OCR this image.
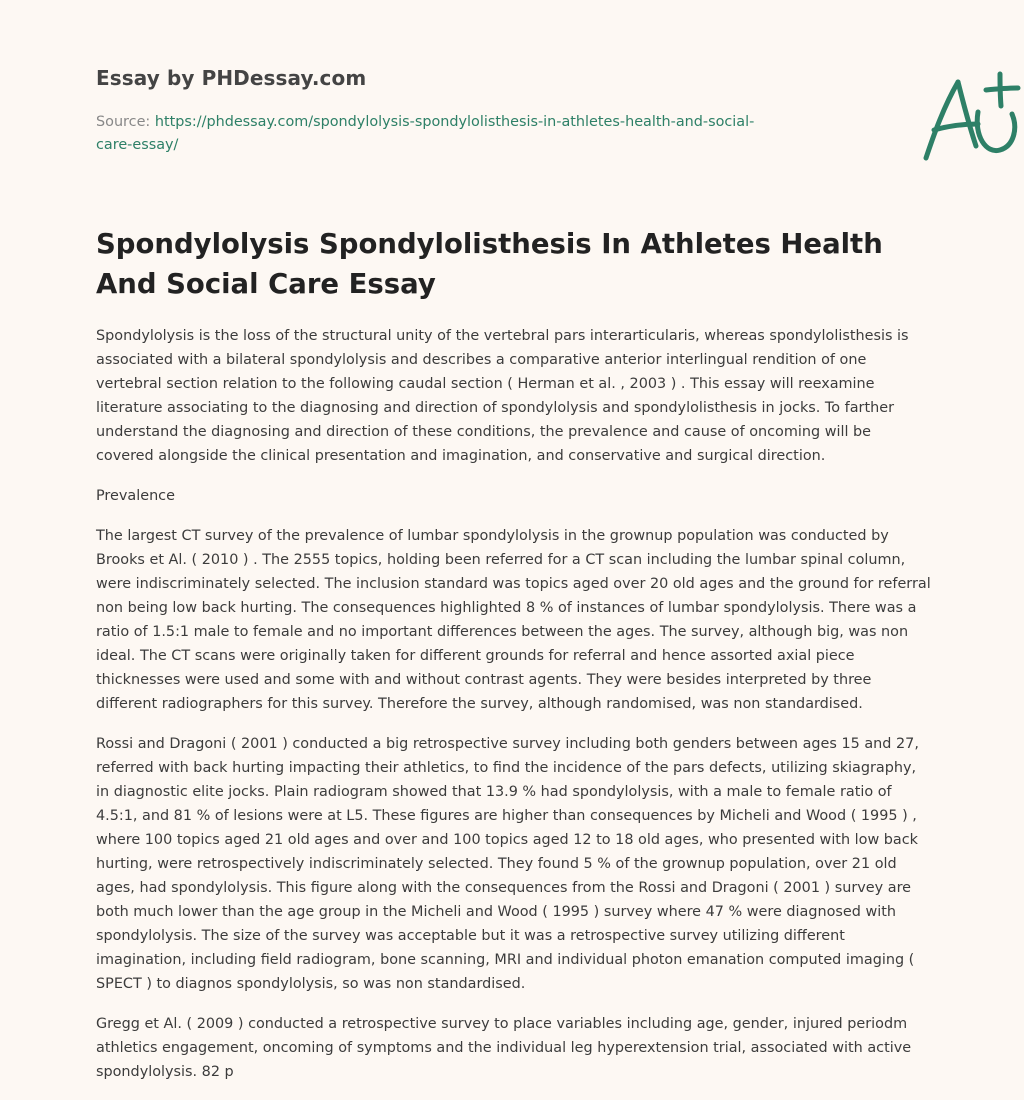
Essay by PHDessay.com
Source: https://phdessay.com/spondylolysis-spondylolisthesis-in-athletes-health-and-social-care-essay/
Spondylolysis Spondylolisthesis In Athletes Health And Social Care Essay

Spondylolysis is the loss of the structural unity of the vertebral pars interarticularis, whereas spondylolisthesis is associated with a bilateral spondylolysis and describes a comparative anterior interlingual rendition of one vertebral section relation to the following caudal section ( Herman et al. , 2003 ) . This essay will reexamine literature associating to the diagnosing and direction of spondylolysis and spondylolisthesis in jocks. To farther understand the diagnosing and direction of these conditions, the prevalence and cause of oncoming will be covered alongside the clinical presentation and imagination, and conservative and surgical direction.

Prevalence

The largest CT survey of the prevalence of lumbar spondylolysis in the grownup population was conducted by Brooks et Al. ( 2010 ) . The 2555 topics, holding been referred for a CT scan including the lumbar spinal column, were indiscriminately selected. The inclusion standard was topics aged over 20 old ages and the ground for referral non being low back hurting. The consequences highlighted 8 % of instances of lumbar spondylolysis. There was a ratio of 1.5:1 male to female and no important differences between the ages. The survey, although big, was non ideal. The CT scans were originally taken for different grounds for referral and hence assorted axial piece thicknesses were used and some with and without contrast agents. They were besides interpreted by three different radiographers for this survey. Therefore the survey, although randomised, was non standardised.

Rossi and Dragoni ( 2001 ) conducted a big retrospective survey including both genders between ages 15 and 27, referred with back hurting impacting their athletics, to find the incidence of the pars defects, utilizing skiagraphy, in diagnostic elite jocks. Plain radiogram showed that 13.9 % had spondylolysis, with a male to female ratio of 4.5:1, and 81 % of lesions were at L5. These figures are higher than consequences by Micheli and Wood ( 1995 ) , where 100 topics aged 21 old ages and over and 100 topics aged 12 to 18 old ages, who presented with low back hurting, were retrospectively indiscriminately selected. They found 5 % of the grownup population, over 21 old ages, had spondylolysis. This figure along with the consequences from the Rossi and Dragoni ( 2001 ) survey are both much lower than the age group in the Micheli and Wood ( 1995 ) survey where 47 % were diagnosed with spondylolysis. The size of the survey was acceptable but it was a retrospective survey utilizing different imagination, including field radiogram, bone scanning, MRI and individual photon emanation computed imaging ( SPECT ) to diagnos spondylolysis, so was non standardised.

Gregg et Al. ( 2009 ) conducted a retrospective survey to place variables including age, gender, injured periodm athletics engagement, oncoming of symptoms and the individual leg hyperextension trial, associated with active spondylolysis. 82 p
